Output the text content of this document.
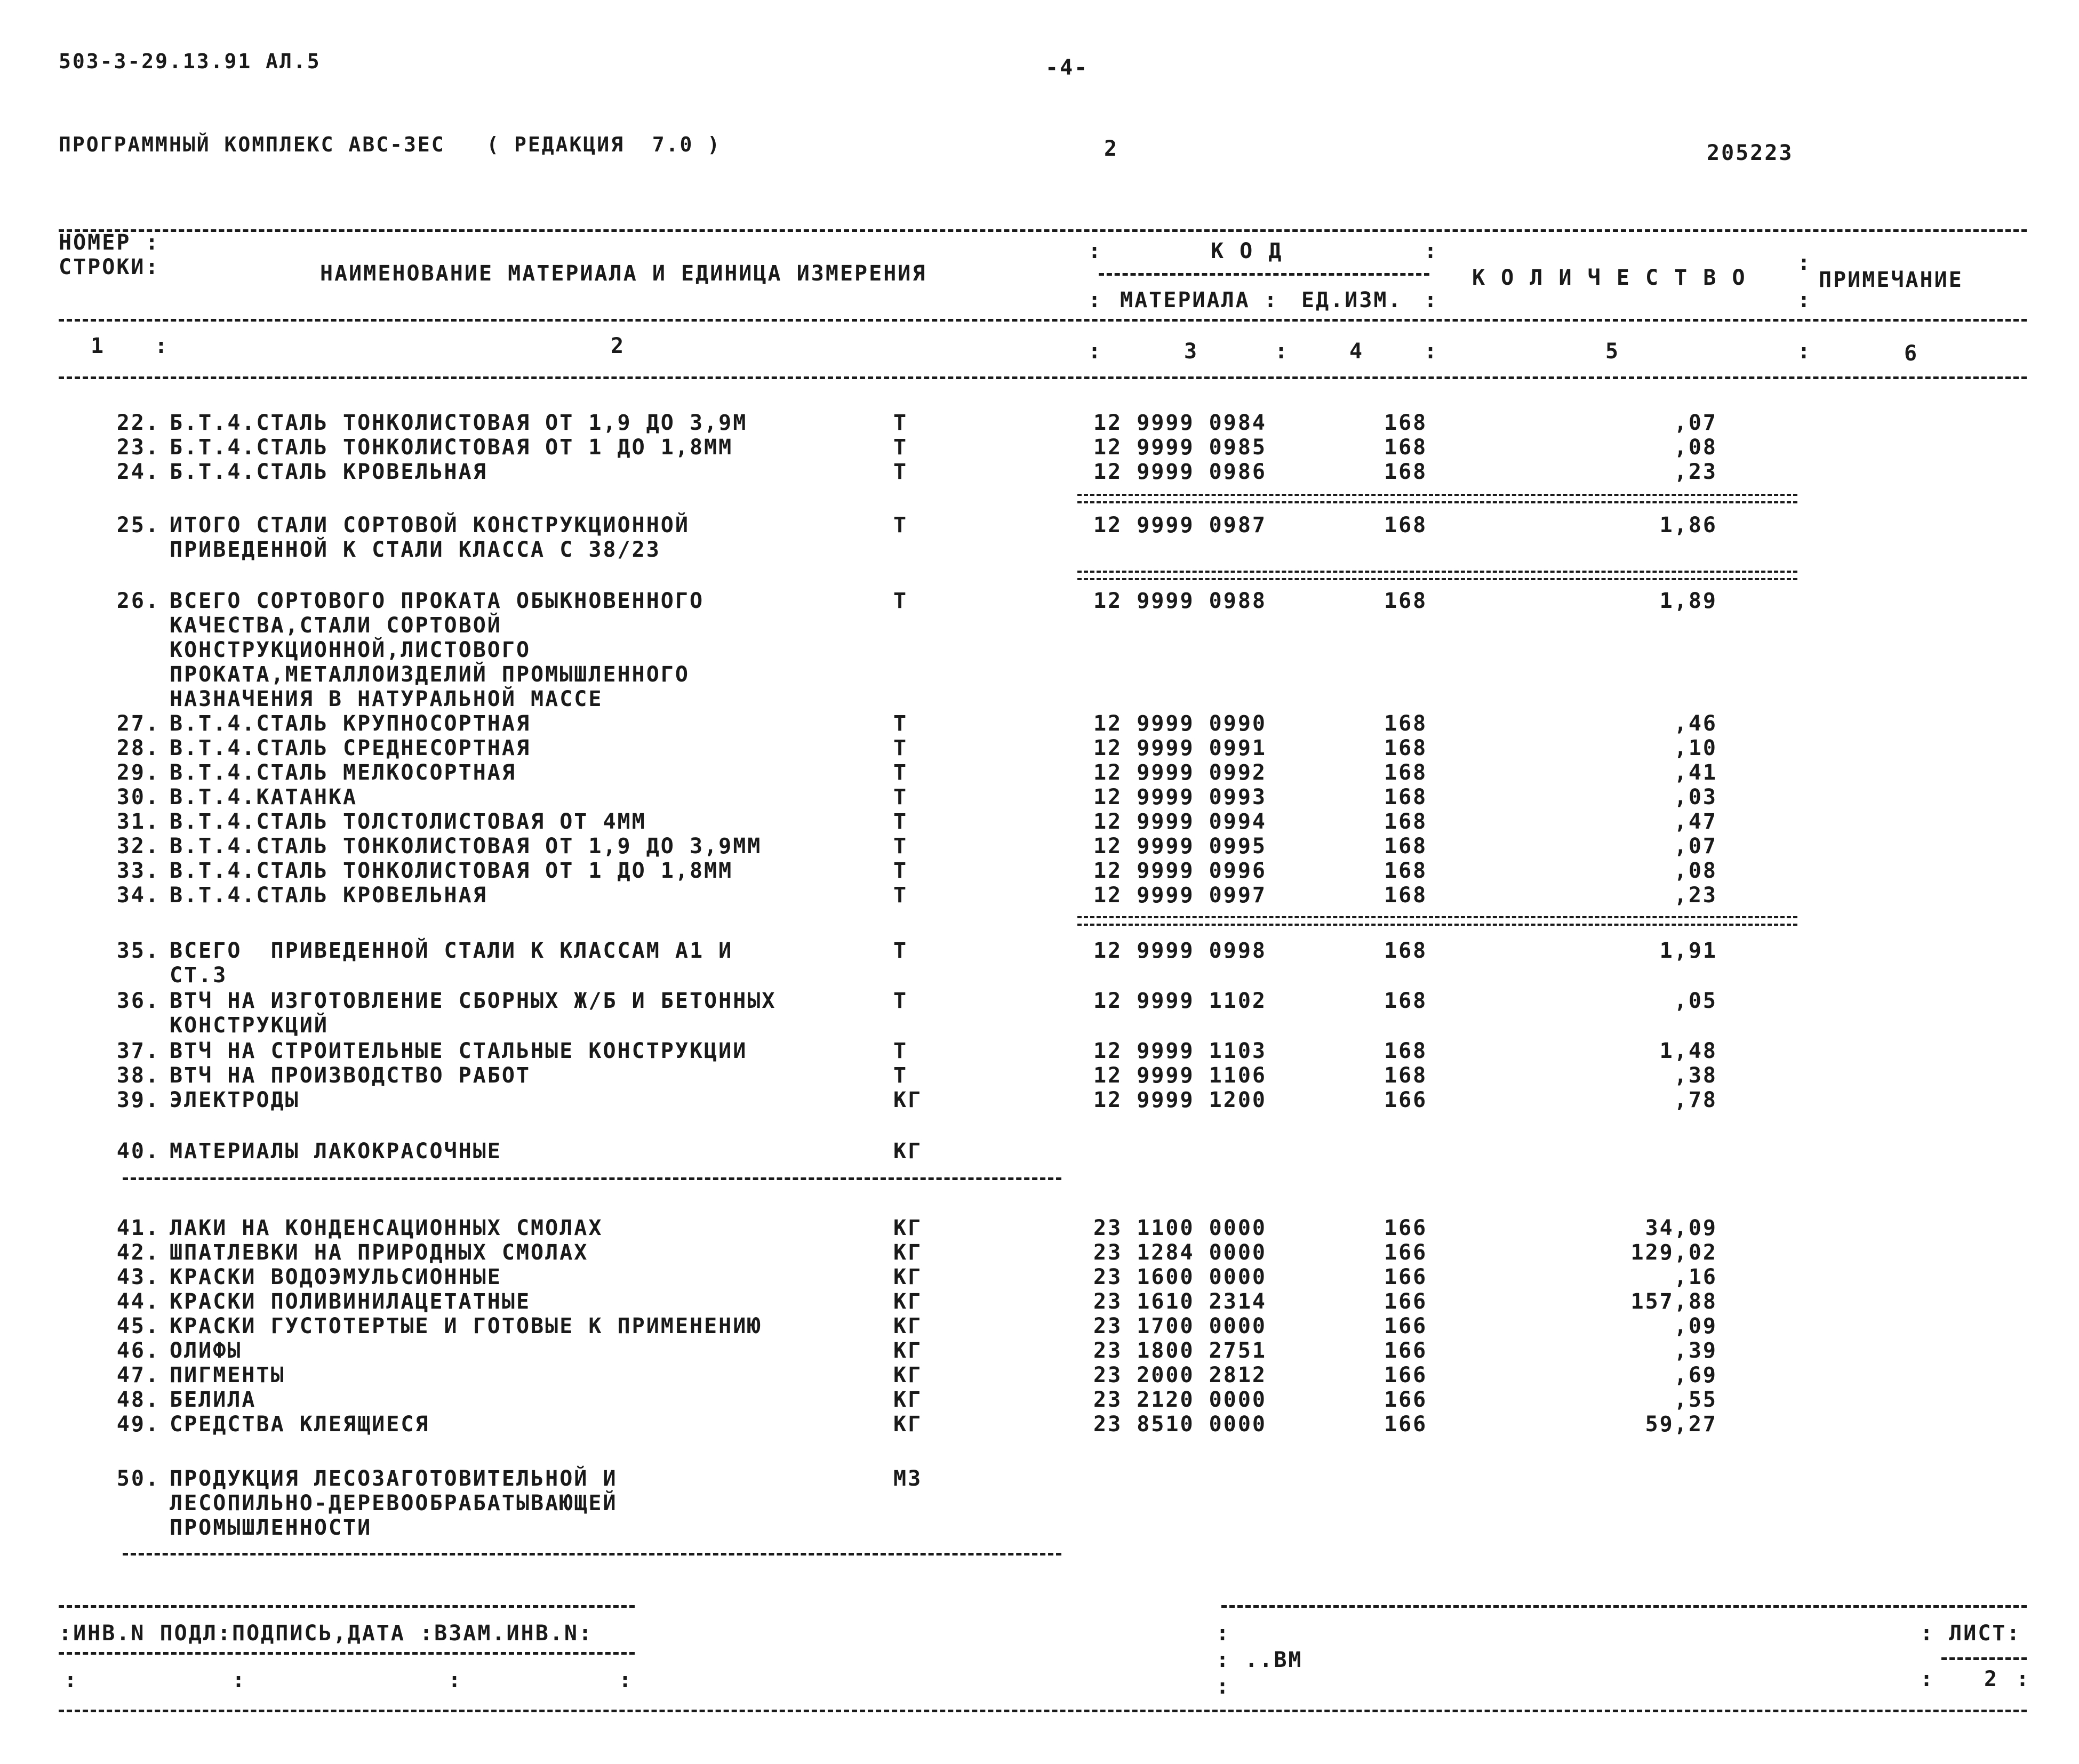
503-3-29.13.91 АЛ.5	-4-
ПРОГРАММНЫЙ КОМПЛЕКС АВС-ЗЕС   ( РЕДАКЦИЯ  7.0 )	2	205223
НОМЕР :
СТРОКИ:	НАИМЕНОВАНИЕ МАТЕРИАЛА И ЕДИНИЦА ИЗМЕРЕНИЯ
:	К О Д	:
: МАТЕРИАЛА : ЕД.ИЗМ. :
К О Л И Ч Е С Т В О
:
:
ПРИМЕЧАНИЕ
1 :	2	:	3	:	4	:	5	:	6
22. Б.Т.4.СТАЛЬ ТОНКОЛИСТОВАЯ ОТ 1,9 ДО 3,9М	Т	12 9999 0984	168	,07
23. Б.Т.4.СТАЛЬ ТОНКОЛИСТОВАЯ ОТ 1 ДО 1,8ММ	Т	12 9999 0985	168	,08
24. Б.Т.4.СТАЛЬ КРОВЕЛЬНАЯ	Т	12 9999 0986	168	,23
25. ИТОГО СТАЛИ СОРТОВОЙ КОНСТРУКЦИОННОЙ	Т	12 9999 0987	168	1,86
ПРИВЕДЕННОЙ К СТАЛИ КЛАССА С 38/23
26. ВСЕГО СОРТОВОГО ПРОКАТА ОБЫКНОВЕННОГО	Т	12 9999 0988	168	1,89
КАЧЕСТВА,СТАЛИ СОРТОВОЙ
КОНСТРУКЦИОННОЙ,ЛИСТОВОГО
ПРОКАТА,МЕТАЛЛОИЗДЕЛИЙ ПРОМЫШЛЕННОГО
НАЗНАЧЕНИЯ В НАТУРАЛЬНОЙ МАССЕ
27. В.Т.4.СТАЛЬ КРУПНОСОРТНАЯ	Т	12 9999 0990	168	,46
28. В.Т.4.СТАЛЬ СРЕДНЕСОРТНАЯ	Т	12 9999 0991	168	,10
29. В.Т.4.СТАЛЬ МЕЛКОСОРТНАЯ	Т	12 9999 0992	168	,41
30. В.Т.4.КАТАНКА	Т	12 9999 0993	168	,03
31. В.Т.4.СТАЛЬ ТОЛСТОЛИСТОВАЯ ОТ 4ММ	Т	12 9999 0994	168	,47
32. В.Т.4.СТАЛЬ ТОНКОЛИСТОВАЯ ОТ 1,9 ДО 3,9ММ	Т	12 9999 0995	168	,07
33. В.Т.4.СТАЛЬ ТОНКОЛИСТОВАЯ ОТ 1 ДО 1,8ММ	Т	12 9999 0996	168	,08
34. В.Т.4.СТАЛЬ КРОВЕЛЬНАЯ	Т	12 9999 0997	168	,23
35. ВСЕГО  ПРИВЕДЕННОЙ СТАЛИ К КЛАССАМ А1 И	Т	12 9999 0998	168	1,91
СТ.3
36. ВТЧ НА ИЗГОТОВЛЕНИЕ СБОРНЫХ Ж/Б И БЕТОННЫХ	Т	12 9999 1102	168	,05
КОНСТРУКЦИЙ
37. ВТЧ НА СТРОИТЕЛЬНЫЕ СТАЛЬНЫЕ КОНСТРУКЦИИ	Т	12 9999 1103	168	1,48
38. ВТЧ НА ПРОИЗВОДСТВО РАБОТ	Т	12 9999 1106	168	,38
39. ЭЛЕКТРОДЫ	КГ	12 9999 1200	166	,78
40. МАТЕРИАЛЫ ЛАКОКРАСОЧНЫЕ	КГ
41. ЛАКИ НА КОНДЕНСАЦИОННЫХ СМОЛАХ	КГ	23 1100 0000	166	34,09
42. ШПАТЛЕВКИ НА ПРИРОДНЫХ СМОЛАХ	КГ	23 1284 0000	166	129,02
43. КРАСКИ ВОДОЭМУЛЬСИОННЫЕ	КГ	23 1600 0000	166	,16
44. КРАСКИ ПОЛИВИНИЛАЦЕТАТНЫЕ	КГ	23 1610 2314	166	157,88
45. КРАСКИ ГУСТОТЕРТЫЕ И ГОТОВЫЕ К ПРИМЕНЕНИЮ	КГ	23 1700 0000	166	,09
46. ОЛИФЫ	КГ	23 1800 2751	166	,39
47. ПИГМЕНТЫ	КГ	23 2000 2812	166	,69
48. БЕЛИЛА	КГ	23 2120 0000	166	,55
49. СРЕДСТВА КЛЕЯЩИЕСЯ	КГ	23 8510 0000	166	59,27
50. ПРОДУКЦИЯ ЛЕСОЗАГОТОВИТЕЛЬНОЙ И	М3
ЛЕСОПИЛЬНО-ДЕРЕВООБРАБАТЫВАЮЩЕЙ
ПРОМЫШЛЕННОСТИ
:ИНВ.N ПОДЛ:ПОДПИСЬ,ДАТА :ВЗАМ.ИНВ.N:
:	:	:	:
:
: ..ВМ
:
: ЛИСТ:
: 2 :
